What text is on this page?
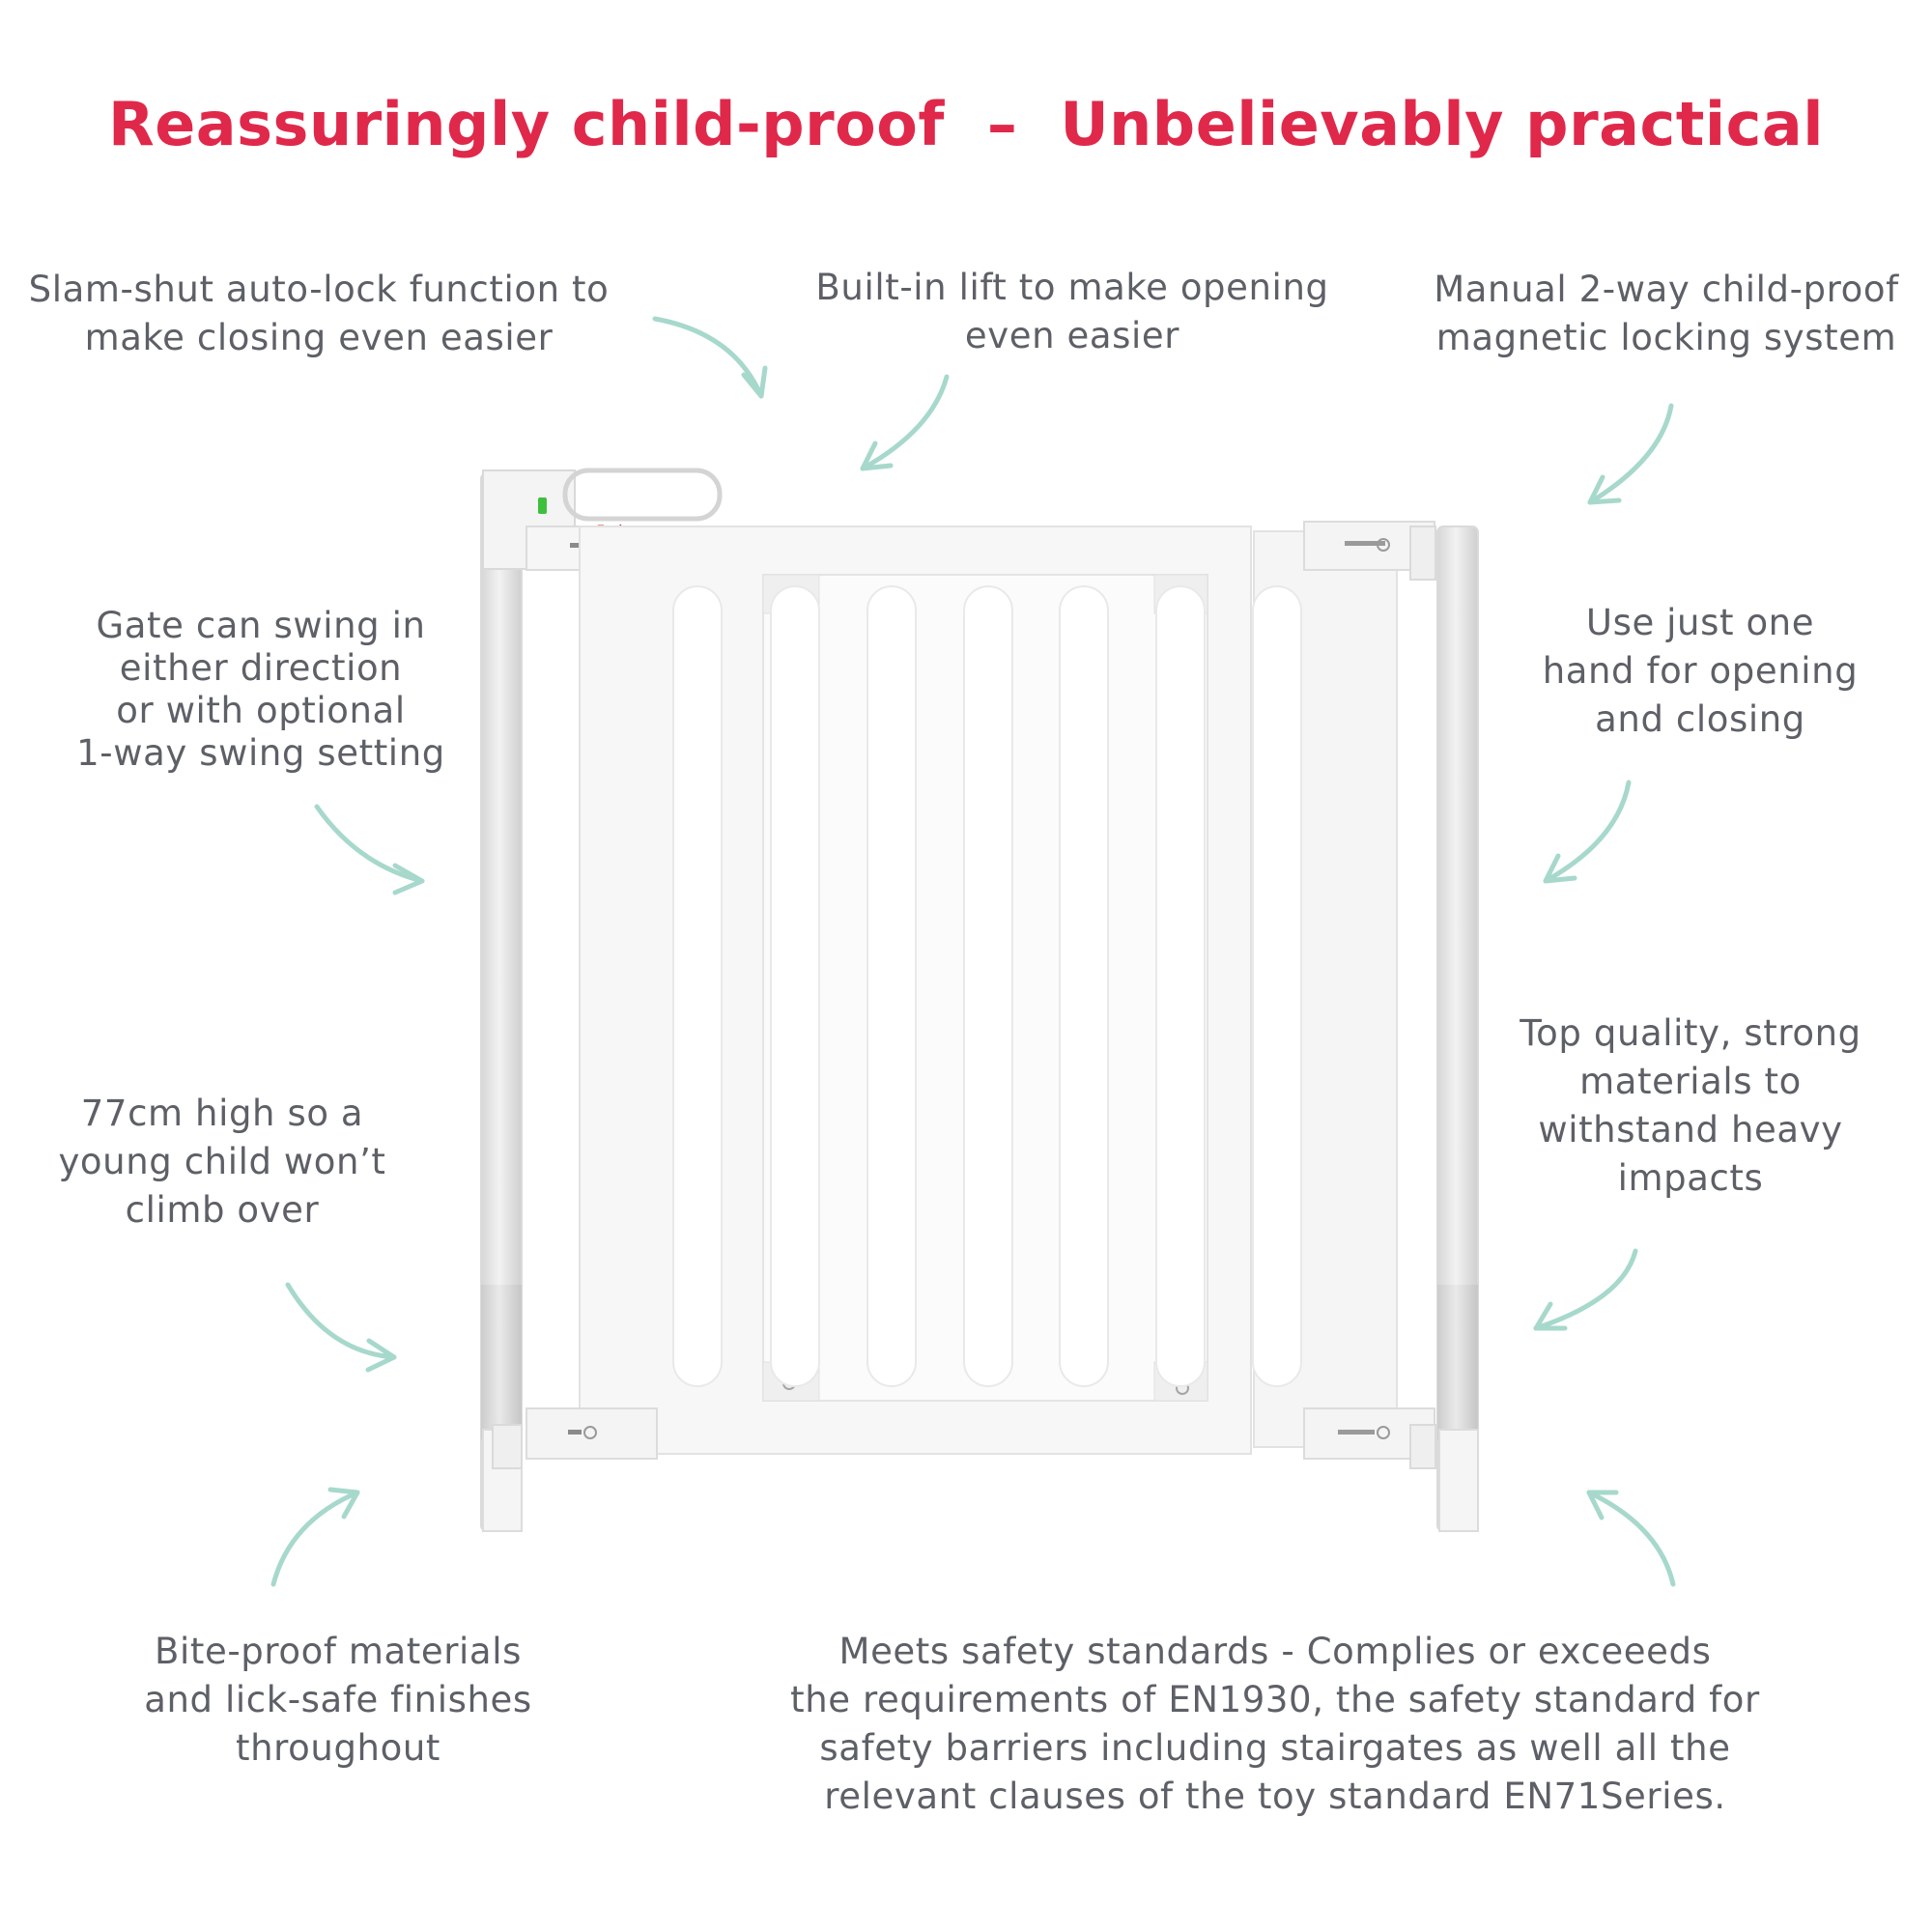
Reassuringly child-proof – Unbelievably practical
Slam-shut auto-lock function to
make closing even easier
Built-in lift to make opening
even easier
Manual 2-way child-proof
magnetic locking system
Gate can swing in
either direction
or with optional
1-way swing setting
Use just one
hand for opening
and closing
77cm high so a
young child won’t
climb over
Top quality, strong
materials to
withstand heavy
impacts
Bite-proof materials
and lick-safe finishes
throughout
Meets safety standards - Complies or exceeeds
the requirements of EN1930, the safety standard for
safety barriers including stairgates as well all the
relevant clauses of the toy standard EN71Series.
